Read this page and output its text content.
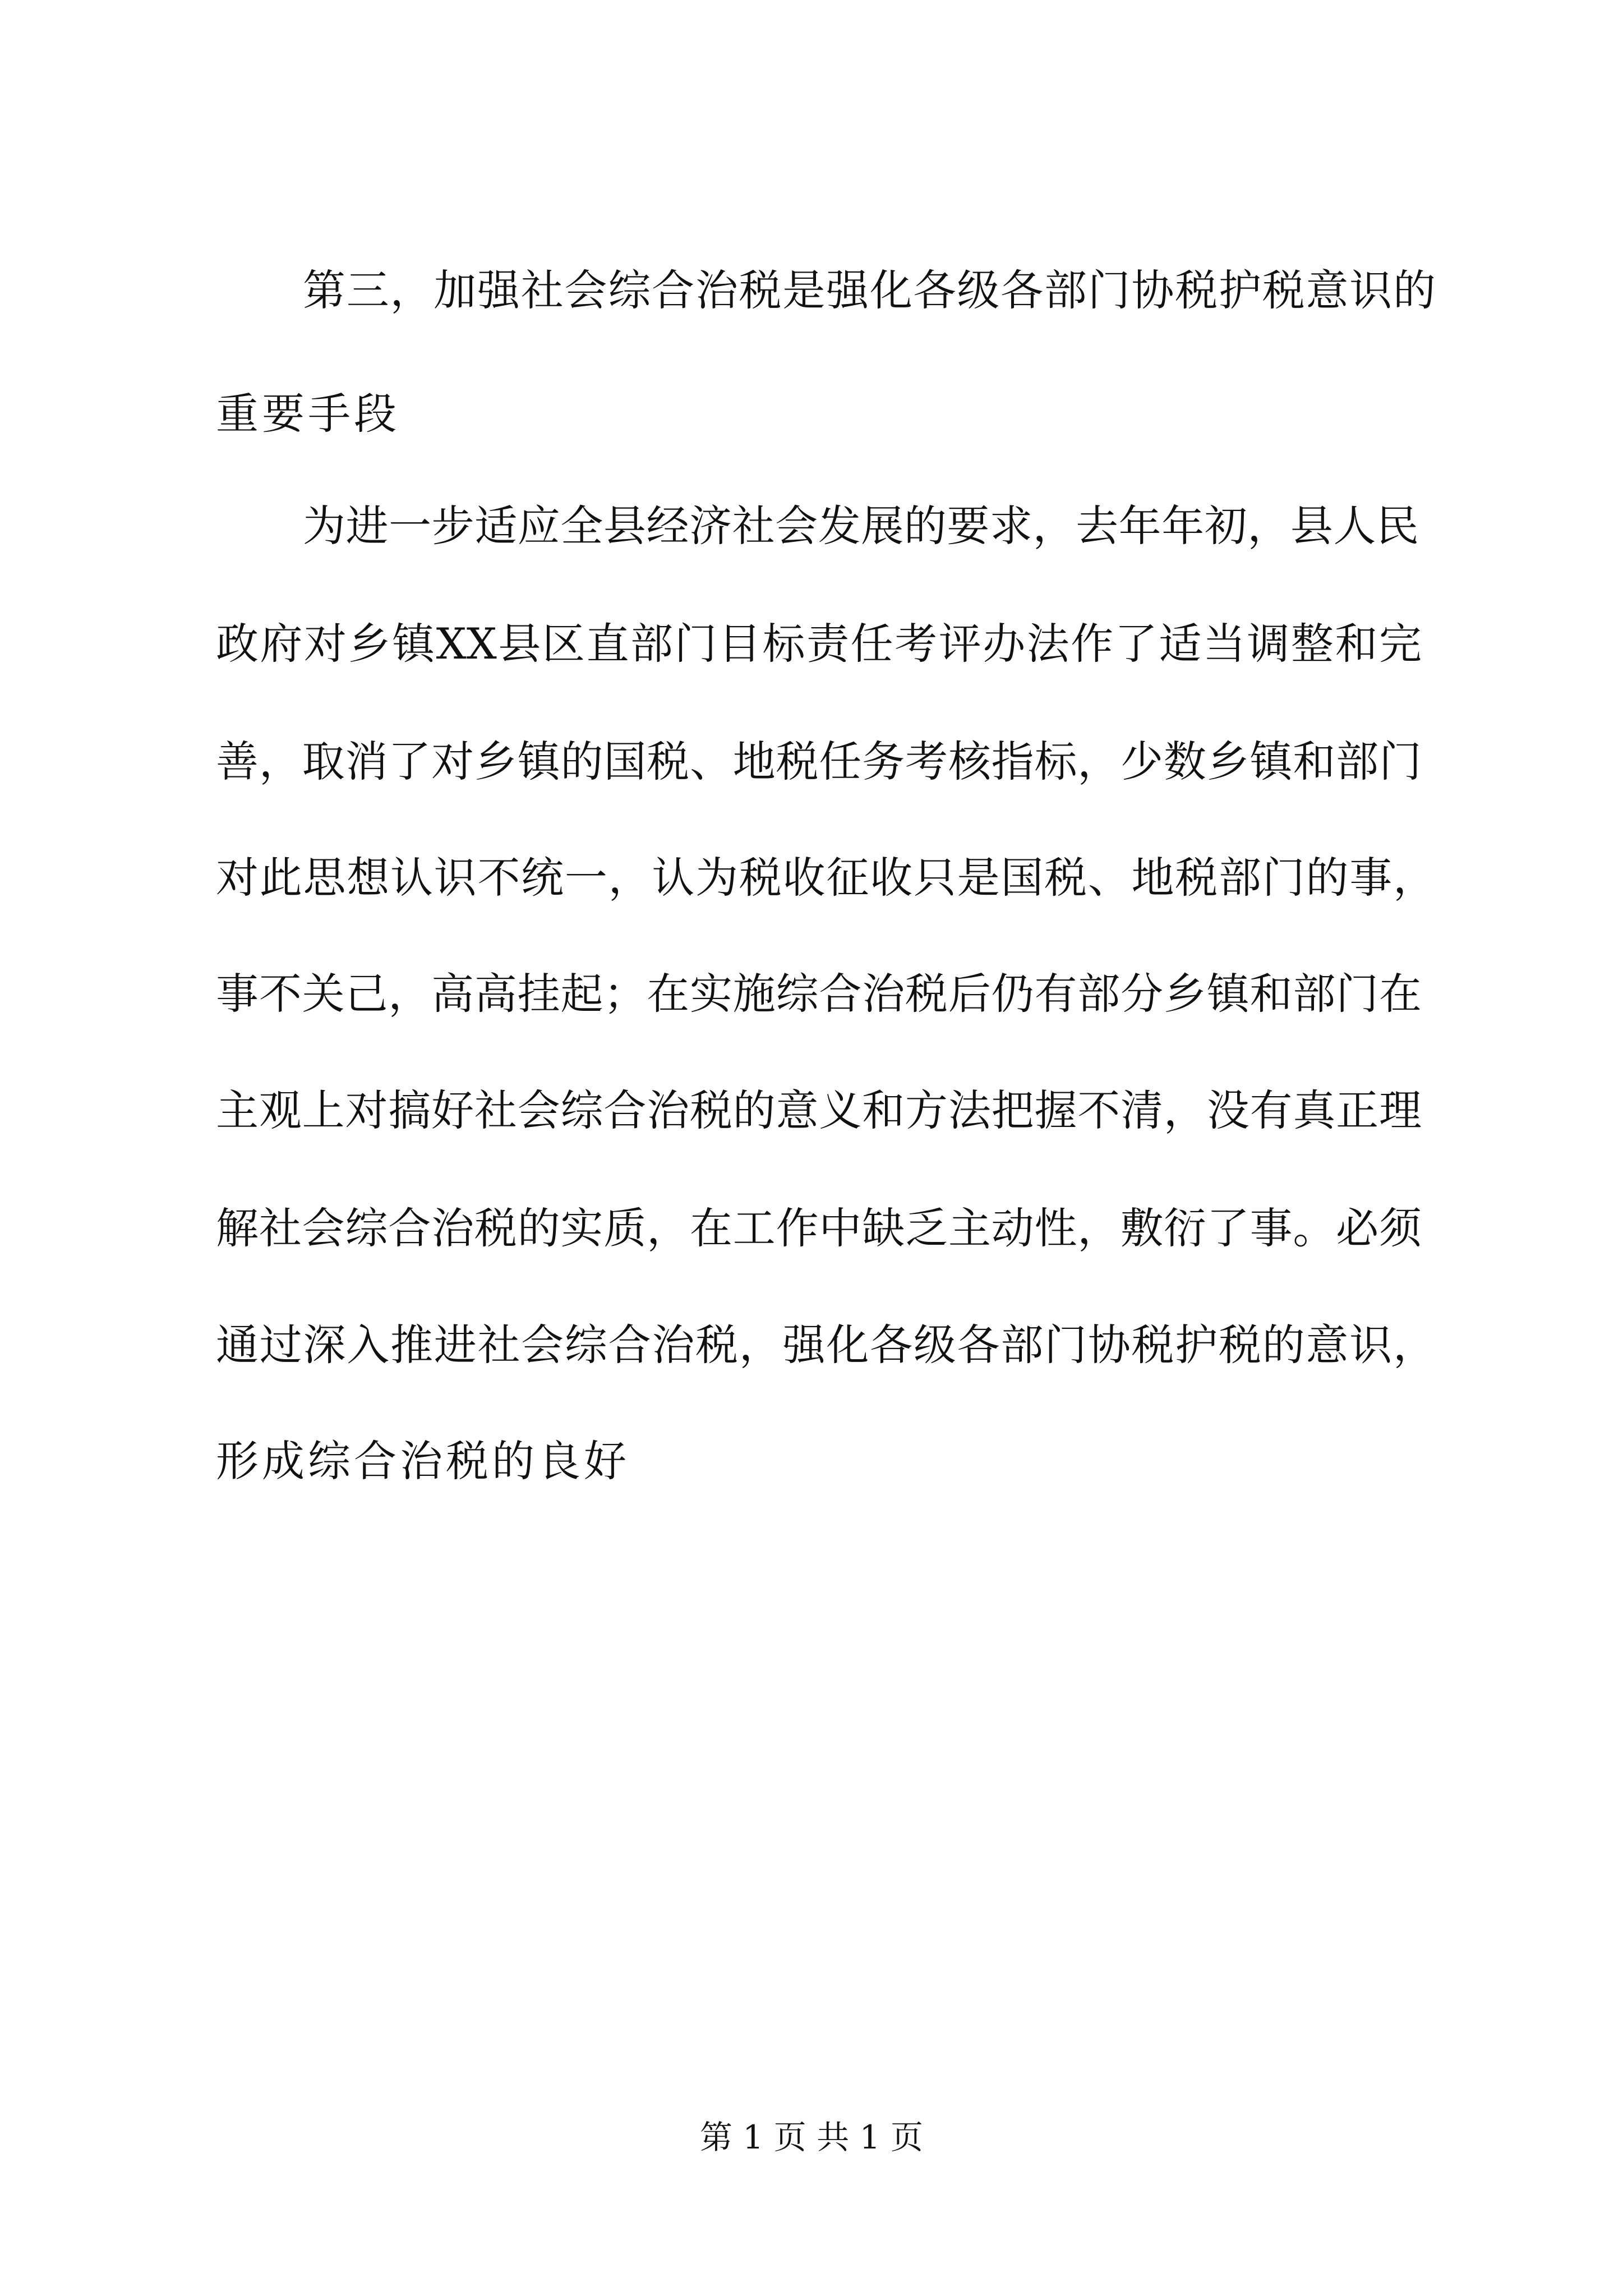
第三，加强社会综合治税是强化各级各部门协税护税意识的
重要手段
为进一步适应全县经济社会发展的要求，去年年初，县人民
政府对乡镇XX县区直部门目标责任考评办法作了适当调整和完
善，取消了对乡镇的国税、地税任务考核指标，少数乡镇和部门
对此思想认识不统一，认为税收征收只是国税、地税部门的事，
事不关己，高高挂起；在实施综合治税后仍有部分乡镇和部门在
主观上对搞好社会综合治税的意义和方法把握不清，没有真正理
解社会综合治税的实质，在工作中缺乏主动性，敷衍了事。必须
通过深入推进社会综合治税，强化各级各部门协税护税的意识，
形成综合治税的良好
第 1 页 共 1 页
